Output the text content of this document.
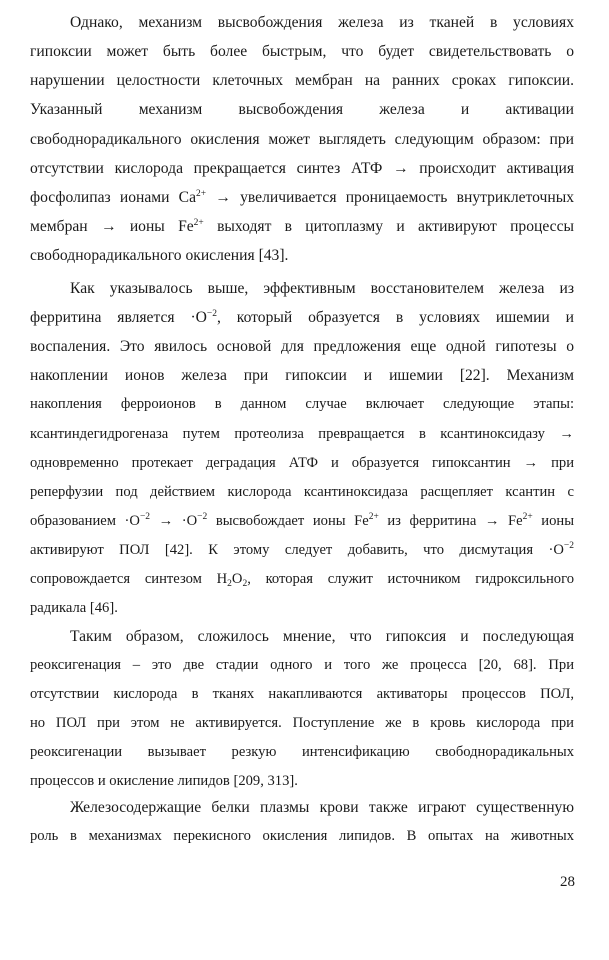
Однако, механизм высвобождения железа из тканей в условиях
гипоксии может быть более быстрым, что будет свидетельствовать о
нарушении целостности клеточных мембран на ранних сроках гипоксии.
Указанный механизм высвобождения железа и активации
свободнорадикального окисления может выглядеть следующим образом: при
отсутствии кислорода прекращается синтез АТФ → происходит активация
фосфолипаз ионами $Ca^{2+}$ → увеличивается проницаемость внутриклеточных
мембран → ионы $Fe^{2+}$ выходят в цитоплазму и активируют процессы
свободнорадикального окисления [43].
Как указывалось выше, эффективным восстановителем железа из
ферритина является $\cdot O^{-2}$, который образуется в условиях ишемии и
воспаления. Это явилось основой для предложения еще одной гипотезы о
накоплении ионов железа при гипоксии и ишемии [22]. Механизм
накопления ферроионов в данном случае включает следующие этапы:
ксантиндегидрогеназа путем протеолиза превращается в ксантиноксидазу →
одновременно протекает деградация АТФ и образуется гипоксантин → при
реперфузии под действием кислорода ксантиноксидаза расщепляет ксантин с
образованием $\cdot O^{-2} \to \cdot O^{-2}$ высвобождает ионы $Fe^{2+}$ из ферритина → $Fe^{2+}$ ионы
активируют ПОЛ [42]. К этому следует добавить, что дисмутация $\cdot O^{-2}$
сопровождается синтезом $H_2O_2$, которая служит источником гидроксильного
радикала [46].
Таким образом, сложилось мнение, что гипоксия и последующая
реоксигенация – это две стадии одного и того же процесса [20, 68]. При
отсутствии кислорода в тканях накапливаются активаторы процессов ПОЛ,
но ПОЛ при этом не активируется. Поступление же в кровь кислорода при
реоксигенации вызывает резкую интенсификацию свободнорадикальных
процессов и окисление липидов [209, 313].
Железосодержащие белки плазмы крови также играют существенную
роль в механизмах перекисного окисления липидов. В опытах на животных
28
